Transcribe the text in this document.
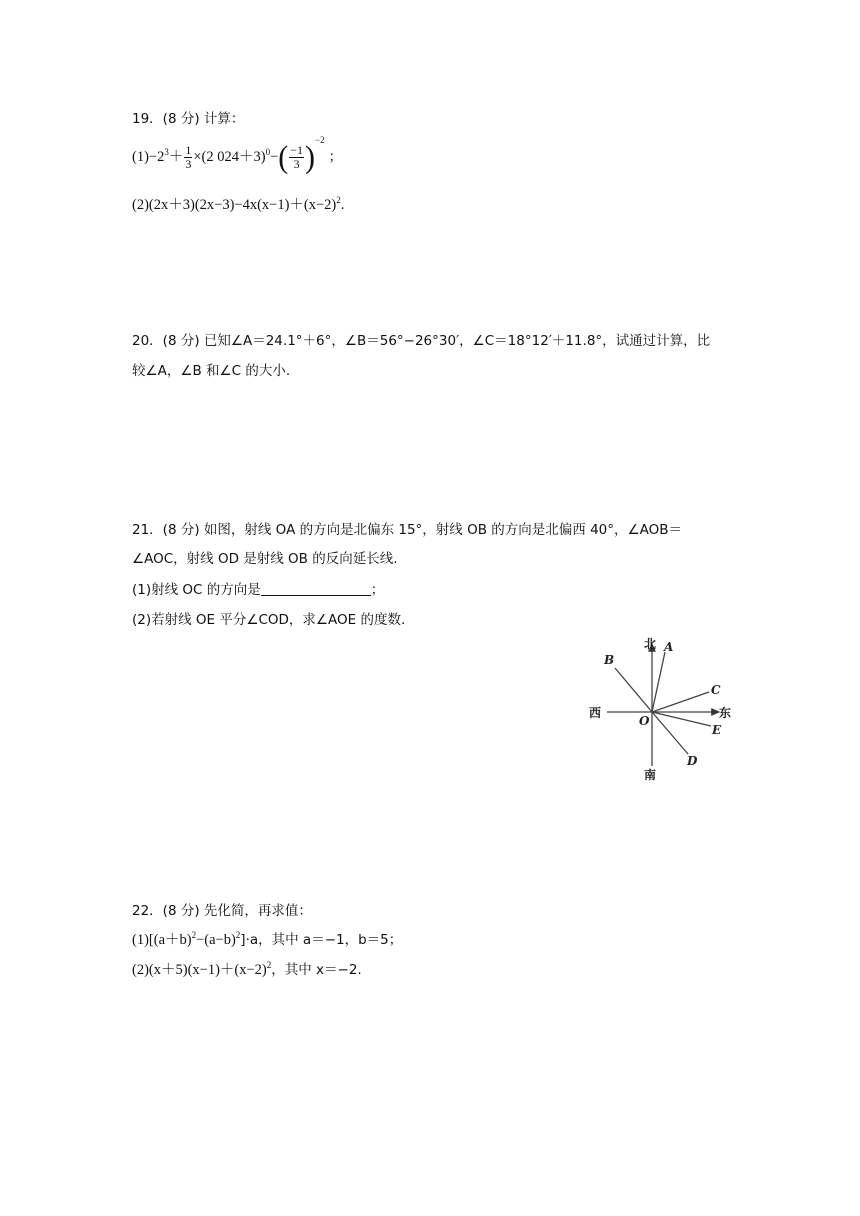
19．(8 分) 计算：
$(1)-2^3+ \frac{1}{3} \times(2$ $024+3)^0-( \frac{-1}{3} )^{-2}$；
$(2)(2x+3)(2x-3)-4x(x-1)+(x-2)^2$.
20．(8 分) 已知∠A＝24.1°＋6°，∠B＝56°−26°30′，∠C＝18°12′＋11.8°，试通过计算，比
较∠A，∠B 和∠C 的大小.
21．(8 分) 如图，射线 OA 的方向是北偏东 15°，射线 OB 的方向是北偏西 40°，∠AOB＝
∠AOC，射线 OD 是射线 OB 的反向延长线.
(1)射线 OC 的方向是	；
(2)若射线 OE 平分∠COD，求∠AOE 的度数.
北
南
西	东
O
A
B
C
E
D
22．(8 分) 先化简，再求值：
$(1)[(a+b)^2-(a-b)^2]\cdot a$，其中 a＝−1，b＝5；
$(2)(x+5)(x-1)+(x-2)^2$，其中 x＝−2.
